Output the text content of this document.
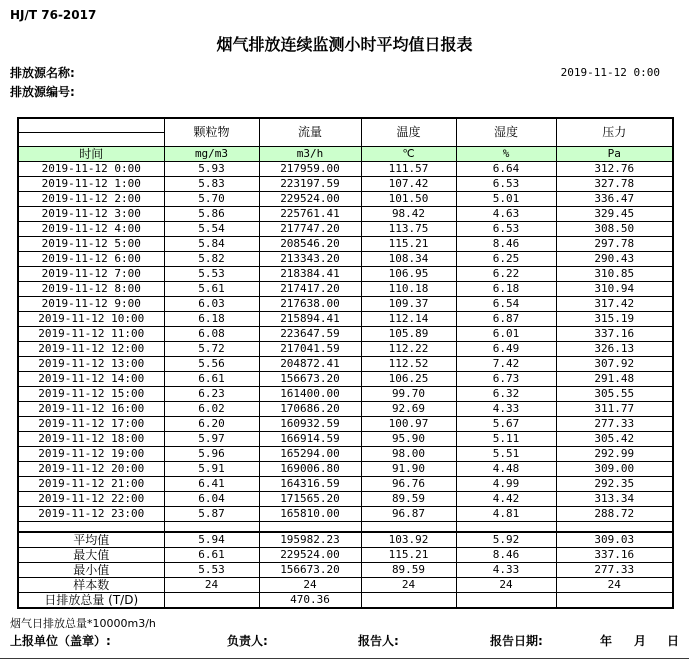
HJ/T 76-2017
烟气排放连续监测小时平均值日报表
排放源名称:
排放源编号:
2019-11-12 0:00
	颗粒物	流量	温度	湿度	压力

时间	mg/m3	m3/h	℃	%	Pa
2019-11-12 0:00	5.93	217959.00	111.57	6.64	312.76
2019-11-12 1:00	5.83	223197.59	107.42	6.53	327.78
2019-11-12 2:00	5.70	229524.00	101.50	5.01	336.47
2019-11-12 3:00	5.86	225761.41	98.42	4.63	329.45
2019-11-12 4:00	5.54	217747.20	113.75	6.53	308.50
2019-11-12 5:00	5.84	208546.20	115.21	8.46	297.78
2019-11-12 6:00	5.82	213343.20	108.34	6.25	290.43
2019-11-12 7:00	5.53	218384.41	106.95	6.22	310.85
2019-11-12 8:00	5.61	217417.20	110.18	6.18	310.94
2019-11-12 9:00	6.03	217638.00	109.37	6.54	317.42
2019-11-12 10:00	6.18	215894.41	112.14	6.87	315.19
2019-11-12 11:00	6.08	223647.59	105.89	6.01	337.16
2019-11-12 12:00	5.72	217041.59	112.22	6.49	326.13
2019-11-12 13:00	5.56	204872.41	112.52	7.42	307.92
2019-11-12 14:00	6.61	156673.20	106.25	6.73	291.48
2019-11-12 15:00	6.23	161400.00	99.70	6.32	305.55
2019-11-12 16:00	6.02	170686.20	92.69	4.33	311.77
2019-11-12 17:00	6.20	160932.59	100.97	5.67	277.33
2019-11-12 18:00	5.97	166914.59	95.90	5.11	305.42
2019-11-12 19:00	5.96	165294.00	98.00	5.51	292.99
2019-11-12 20:00	5.91	169006.80	91.90	4.48	309.00
2019-11-12 21:00	6.41	164316.59	96.76	4.99	292.35
2019-11-12 22:00	6.04	171565.20	89.59	4.42	313.34
2019-11-12 23:00	5.87	165810.00	96.87	4.81	288.72

平均值	5.94	195982.23	103.92	5.92	309.03
最大值	6.61	229524.00	115.21	8.46	337.16
最小值	5.53	156673.20	89.59	4.33	277.33
样本数	24	24	24	24	24
日排放总量 (T/D)		470.36			
烟气日排放总量*10000m3/h
上报单位（盖章）:	负责人:	报告人:	报告日期:	年 月 日
